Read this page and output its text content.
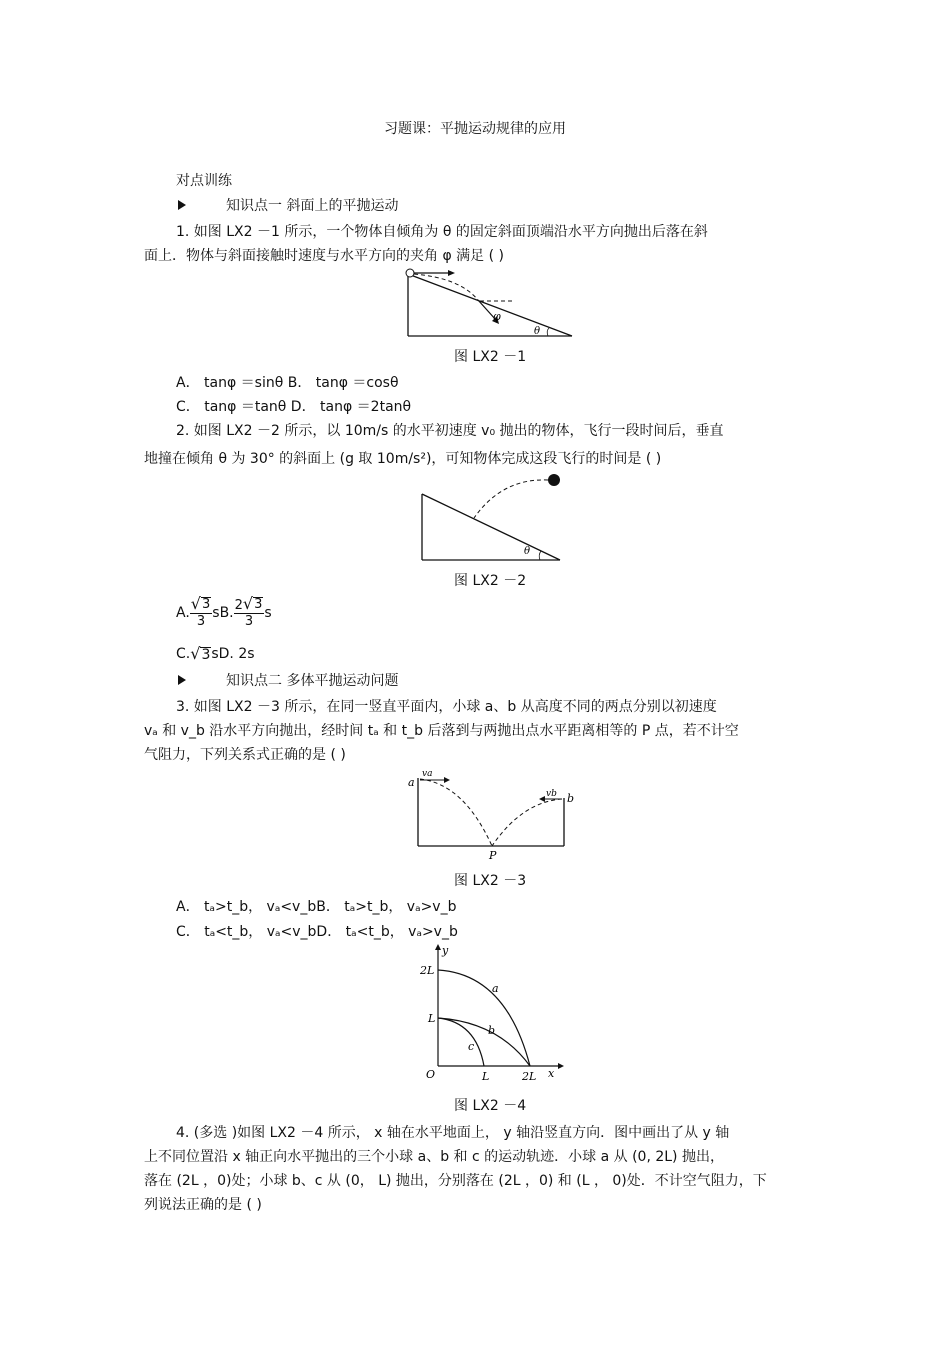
习题课：平抛运动规律的应用
对点训练
知识点一 斜面上的平抛运动
1. 如图 LX2 －1 所示，一个物体自倾角为 θ 的固定斜面顶端沿水平方向抛出后落在斜
面上．物体与斜面接触时速度与水平方向的夹角 φ 满足 ( )
φ
θ
图 LX2 －1
A． tanφ ＝sinθ B． tanφ ＝cosθ
C． tanφ ＝tanθ D． tanφ ＝2tanθ
2. 如图 LX2 －2 所示，以 10m/s 的水平初速度 v₀ 抛出的物体，飞行一段时间后，垂直
地撞在倾角 θ 为 30° 的斜面上 (g 取 10m/s²)，可知物体完成这段飞行的时间是 ( )
θ
图 LX2 －2
A. $\frac{√ 3}{3}$ s B. $\frac{2 √ 3}{3}$ s
C. √ 3 sD. 2s
知识点二 多体平抛运动问题
3. 如图 LX2 －3 所示，在同一竖直平面内，小球 a、b 从高度不同的两点分别以初速度
vₐ 和 v_b 沿水平方向抛出，经时间 tₐ 和 t_b 后落到与两抛出点水平距离相等的 P 点，若不计空
气阻力，下列关系式正确的是 ( )
a
va
b
vb
P
图 LX2 －3
A． tₐ>t_b， vₐ<v_bB． tₐ>t_b， vₐ>v_b
C． tₐ<t_b， vₐ<v_bD． tₐ<t_b， vₐ>v_b
y
x
O
2L
L
L	2L
a
b
c
图 LX2 －4
4. (多选 )如图 LX2 －4 所示， x 轴在水平地面上， y 轴沿竖直方向．图中画出了从 y 轴
上不同位置沿 x 轴正向水平抛出的三个小球 a、b 和 c 的运动轨迹．小球 a 从 (0, 2L) 抛出，
落在 (2L ，0)处；小球 b、c 从 (0， L) 抛出，分别落在 (2L ，0) 和 (L ， 0)处．不计空气阻力，下
列说法正确的是 ( )
